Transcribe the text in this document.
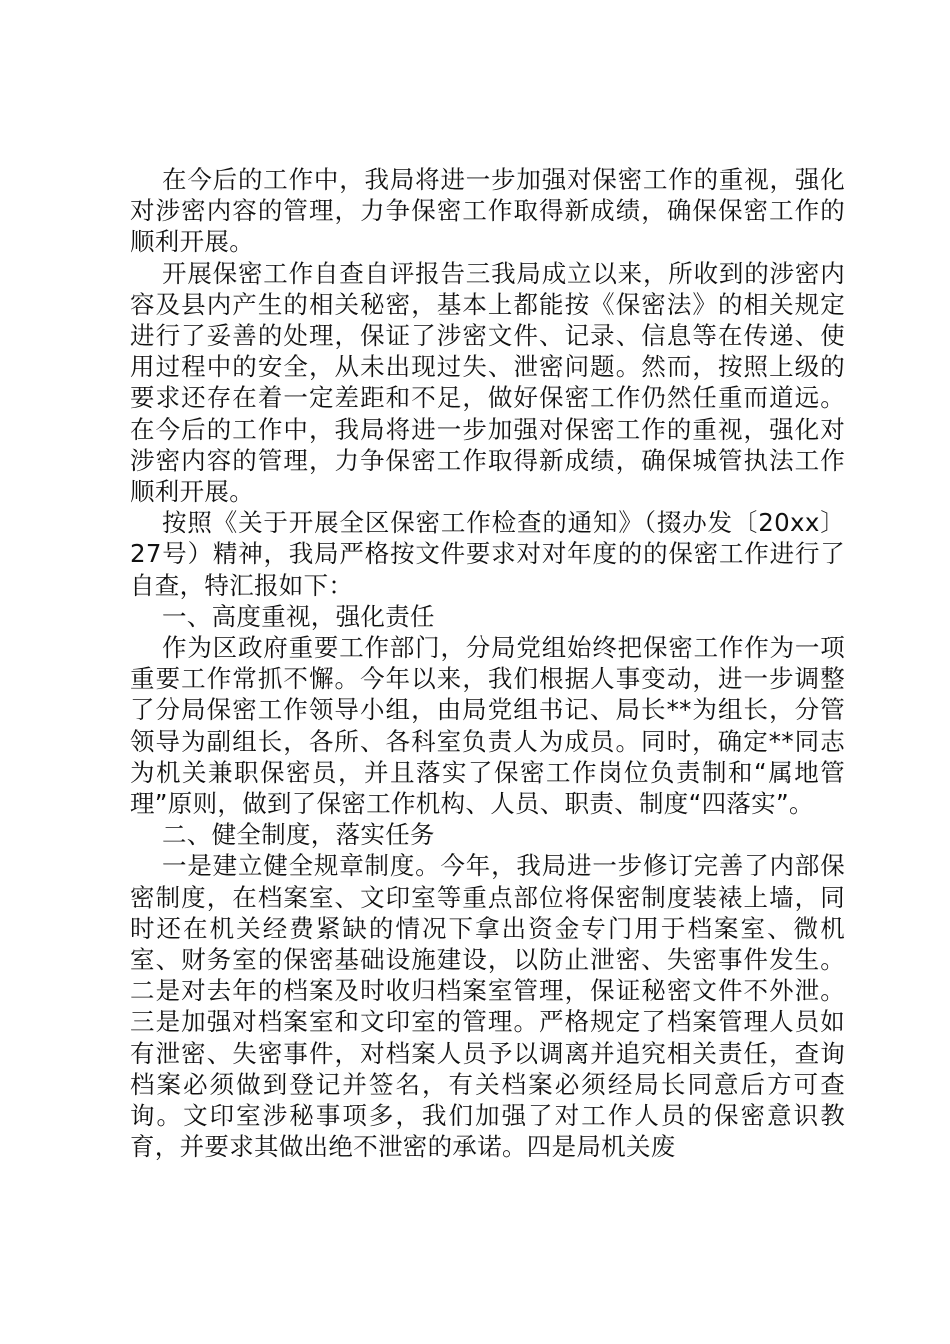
在今后的工作中，我局将进一步加强对保密工作的重视，强化对涉密内容的管理，力争保密工作取得新成绩，确保保密工作的顺利开展。

开展保密工作自查自评报告三我局成立以来，所收到的涉密内容及县内产生的相关秘密，基本上都能按《保密法》的相关规定进行了妥善的处理，保证了涉密文件、记录、信息等在传递、使用过程中的安全，从未出现过失、泄密问题。然而，按照上级的要求还存在着一定差距和不足，做好保密工作仍然任重而道远。在今后的工作中，我局将进一步加强对保密工作的重视，强化对涉密内容的管理，力争保密工作取得新成绩，确保城管执法工作顺利开展。

按照《关于开展全区保密工作检查的通知》（掇办发〔20xx〕27号）精神，我局严格按文件要求对对年度的的保密工作进行了自查，特汇报如下：

一、高度重视，强化责任

作为区政府重要工作部门，分局党组始终把保密工作作为一项重要工作常抓不懈。今年以来，我们根据人事变动，进一步调整了分局保密工作领导小组，由局党组书记、局长**为组长，分管领导为副组长，各所、各科室负责人为成员。同时，确定**同志为机关兼职保密员，并且落实了保密工作岗位负责制和“属地管理”原则，做到了保密工作机构、人员、职责、制度“四落实”。

二、健全制度，落实任务

一是建立健全规章制度。今年，我局进一步修订完善了内部保密制度，在档案室、文印室等重点部位将保密制度装裱上墙，同时还在机关经费紧缺的情况下拿出资金专门用于档案室、微机室、财务室的保密基础设施建设，以防止泄密、失密事件发生。二是对去年的档案及时收归档案室管理，保证秘密文件不外泄。三是加强对档案室和文印室的管理。严格规定了档案管理人员如有泄密、失密事件，对档案人员予以调离并追究相关责任，查询档案必须做到登记并签名，有关档案必须经局长同意后方可查询。文印室涉秘事项多，我们加强了对工作人员的保密意识教育，并要求其做出绝不泄密的承诺。四是局机关废
